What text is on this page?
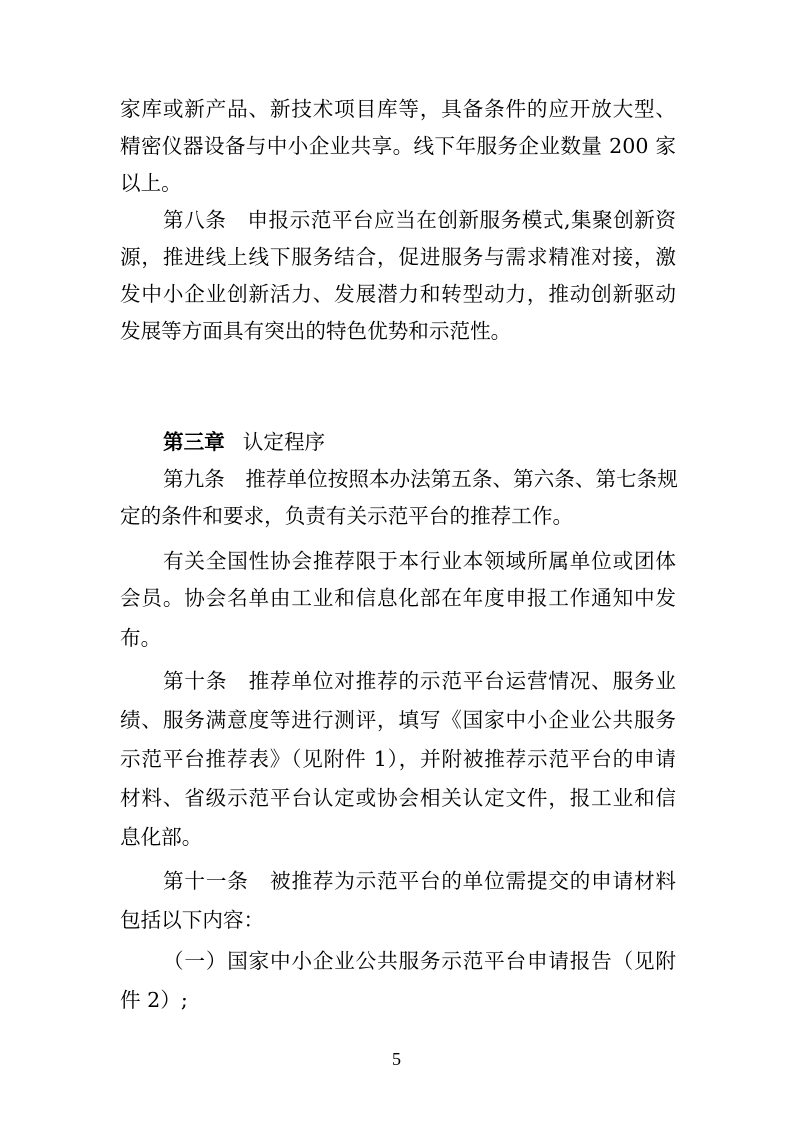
家库或新产品、新技术项目库等，具备条件的应开放大型、
精密仪器设备与中小企业共享。线下年服务企业数量 200 家
以上。
第八条　申报示范平台应当在创新服务模式,集聚创新资
源，推进线上线下服务结合，促进服务与需求精准对接，激
发中小企业创新活力、发展潜力和转型动力，推动创新驱动
发展等方面具有突出的特色优势和示范性。
第三章 认定程序
第九条　推荐单位按照本办法第五条、第六条、第七条规
定的条件和要求，负责有关示范平台的推荐工作。
有关全国性协会推荐限于本行业本领域所属单位或团体
会员。协会名单由工业和信息化部在年度申报工作通知中发
布。
第十条　推荐单位对推荐的示范平台运营情况、服务业
绩、服务满意度等进行测评，填写《国家中小企业公共服务
示范平台推荐表》（见附件 1），并附被推荐示范平台的申请
材料、省级示范平台认定或协会相关认定文件，报工业和信
息化部。
第十一条　被推荐为示范平台的单位需提交的申请材料
包括以下内容：
（一）国家中小企业公共服务示范平台申请报告（见附
件 2）;
5
